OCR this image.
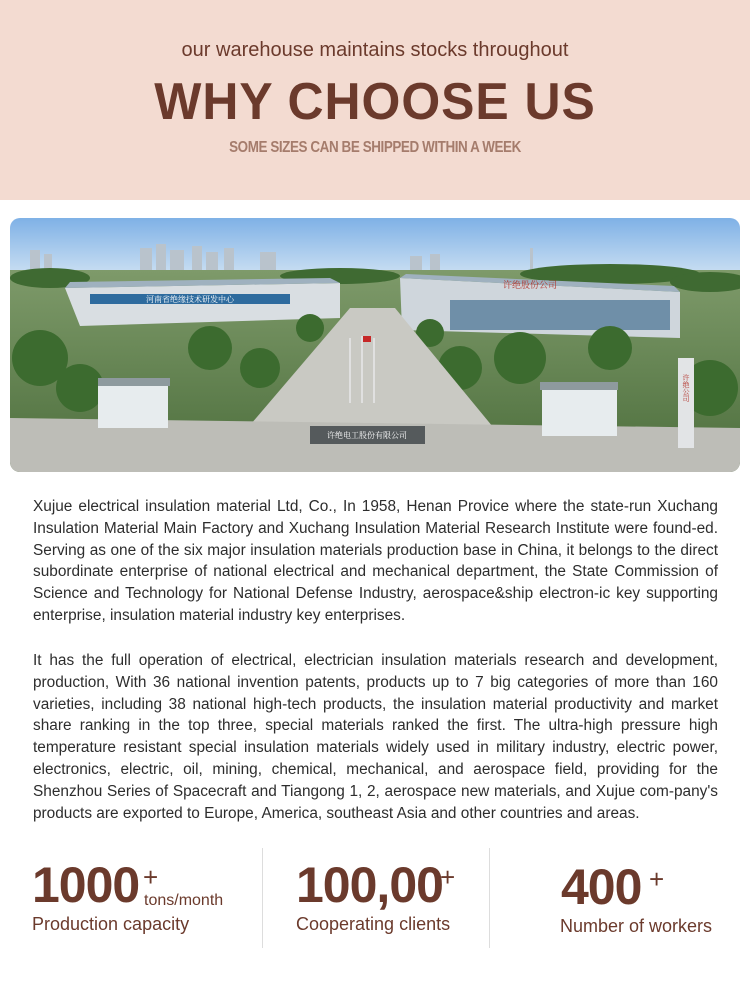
our warehouse maintains stocks throughout
WHY CHOOSE US
SOME SIZES CAN BE SHIPPED WITHIN A WEEK
河南省绝缘技术研发中心
许绝股份公司
许绝电工股份有限公司
许绝公司

Xujue electrical insulation material Ltd, Co., In 1958, Henan Provice where the state-run Xuchang Insulation Material Main Factory and Xuchang Insulation Material Research Institute were found-ed. Serving as one of the six major insulation materials production base in China, it belongs to the direct subordinate enterprise of national electrical and mechanical department, the State Commission of Science and Technology for National Defense Industry, aerospace&ship electron-ic key supporting enterprise, insulation material industry key enterprises.

It has the full operation of electrical, electrician insulation materials research and development, production, With 36 national invention patents, products up to 7 big categories of more than 160 varieties, including 38 national high-tech products, the insulation material productivity and market share ranking in the top three, special materials ranked the first. The ultra-high pressure high temperature resistant special insulation materials widely used in military industry, electric power, electronics, electric, oil, mining, chemical, mechanical, and aerospace field, providing for the Shenzhou Series of Spacecraft and Tiangong 1, 2, aerospace new materials, and Xujue com-pany's products are exported to Europe, America, southeast Asia and other countries and areas.

1000 +
tons/month
Production capacity
100,00
+
Cooperating clients
400 +
Number of workers
